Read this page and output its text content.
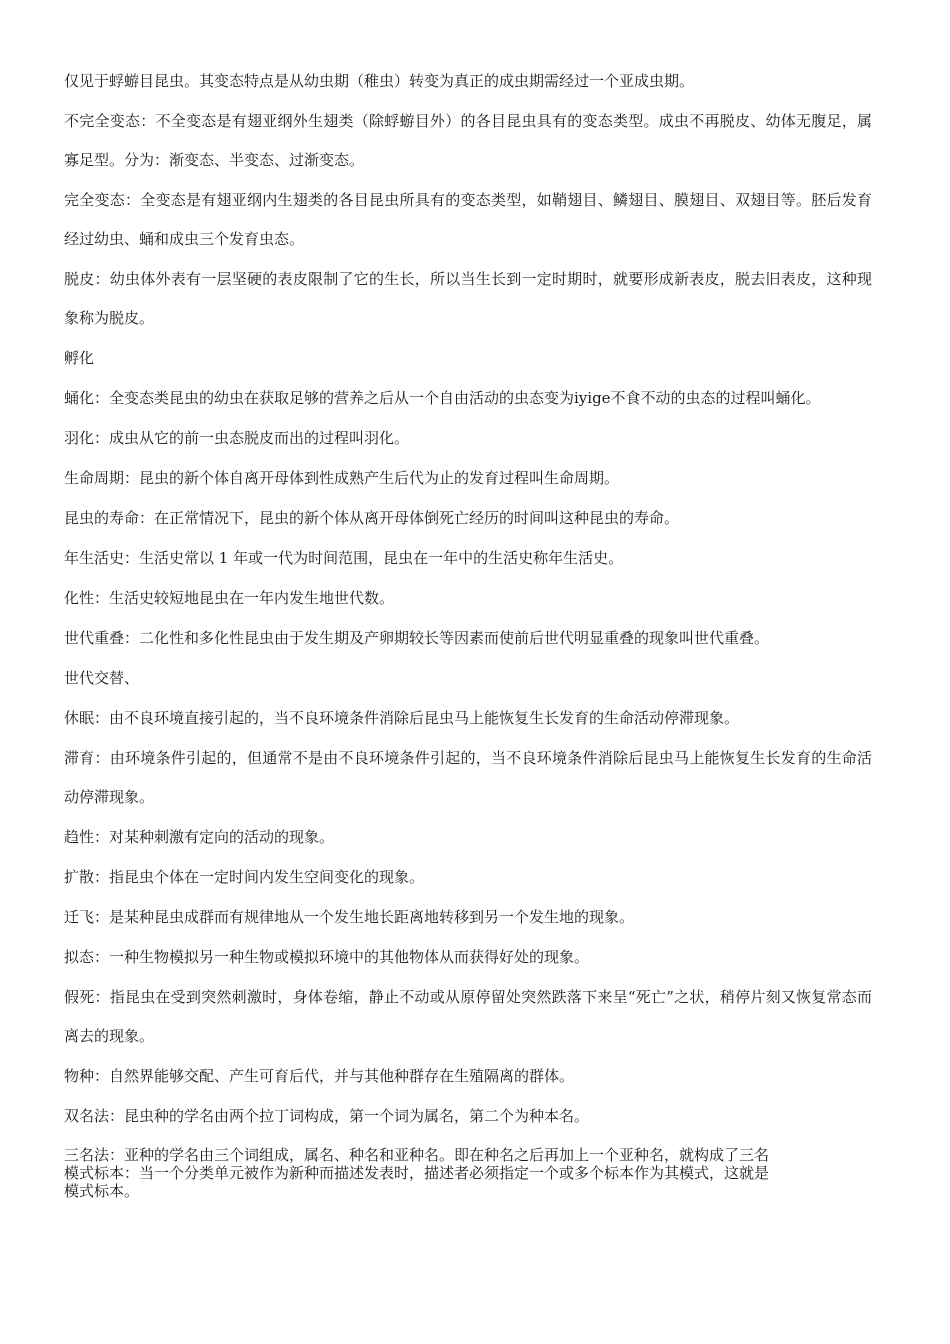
仅见于蜉蝣目昆虫。其变态特点是从幼虫期（稚虫）转变为真正的成虫期需经过一个亚成虫期。

不完全变态：不全变态是有翅亚纲外生翅类（除蜉蝣目外）的各目昆虫具有的变态类型。成虫不再脱皮、幼体无腹足，属寡足型。分为：渐变态、半变态、过渐变态。

完全变态：全变态是有翅亚纲内生翅类的各目昆虫所具有的变态类型，如鞘翅目、鳞翅目、膜翅目、双翅目等。胚后发育经过幼虫、蛹和成虫三个发育虫态。

脱皮：幼虫体外表有一层坚硬的表皮限制了它的生长，所以当生长到一定时期时，就要形成新表皮，脱去旧表皮，这种现象称为脱皮。

孵化

蛹化：全变态类昆虫的幼虫在获取足够的营养之后从一个自由活动的虫态变为iyige不食不动的虫态的过程叫蛹化。

羽化：成虫从它的前一虫态脱皮而出的过程叫羽化。

生命周期：昆虫的新个体自离开母体到性成熟产生后代为止的发育过程叫生命周期。

昆虫的寿命：在正常情况下，昆虫的新个体从离开母体倒死亡经历的时间叫这种昆虫的寿命。

年生活史：生活史常以 1 年或一代为时间范围，昆虫在一年中的生活史称年生活史。

化性：生活史较短地昆虫在一年内发生地世代数。

世代重叠：二化性和多化性昆虫由于发生期及产卵期较长等因素而使前后世代明显重叠的现象叫世代重叠。

世代交替、

休眠：由不良环境直接引起的，当不良环境条件消除后昆虫马上能恢复生长发育的生命活动停滞现象。

滞育：由环境条件引起的，但通常不是由不良环境条件引起的，当不良环境条件消除后昆虫马上能恢复生长发育的生命活动停滞现象。

趋性：对某种刺激有定向的活动的现象。

扩散：指昆虫个体在一定时间内发生空间变化的现象。

迁飞：是某种昆虫成群而有规律地从一个发生地长距离地转移到另一个发生地的现象。

拟态：一种生物模拟另一种生物或模拟环境中的其他物体从而获得好处的现象。

假死：指昆虫在受到突然刺激时，身体卷缩，静止不动或从原停留处突然跌落下来呈“死亡”之状，稍停片刻又恢复常态而离去的现象。

物种：自然界能够交配、产生可育后代，并与其他种群存在生殖隔离的群体。

双名法：昆虫种的学名由两个拉丁词构成，第一个词为属名，第二个为种本名。

三名法：亚种的学名由三个词组成，属名、种名和亚种名。即在种名之后再加上一个亚种名，就构成了三名

模式标本：当一个分类单元被作为新种而描述发表时，描述者必须指定一个或多个标本作为其模式，这就是

模式标本。
